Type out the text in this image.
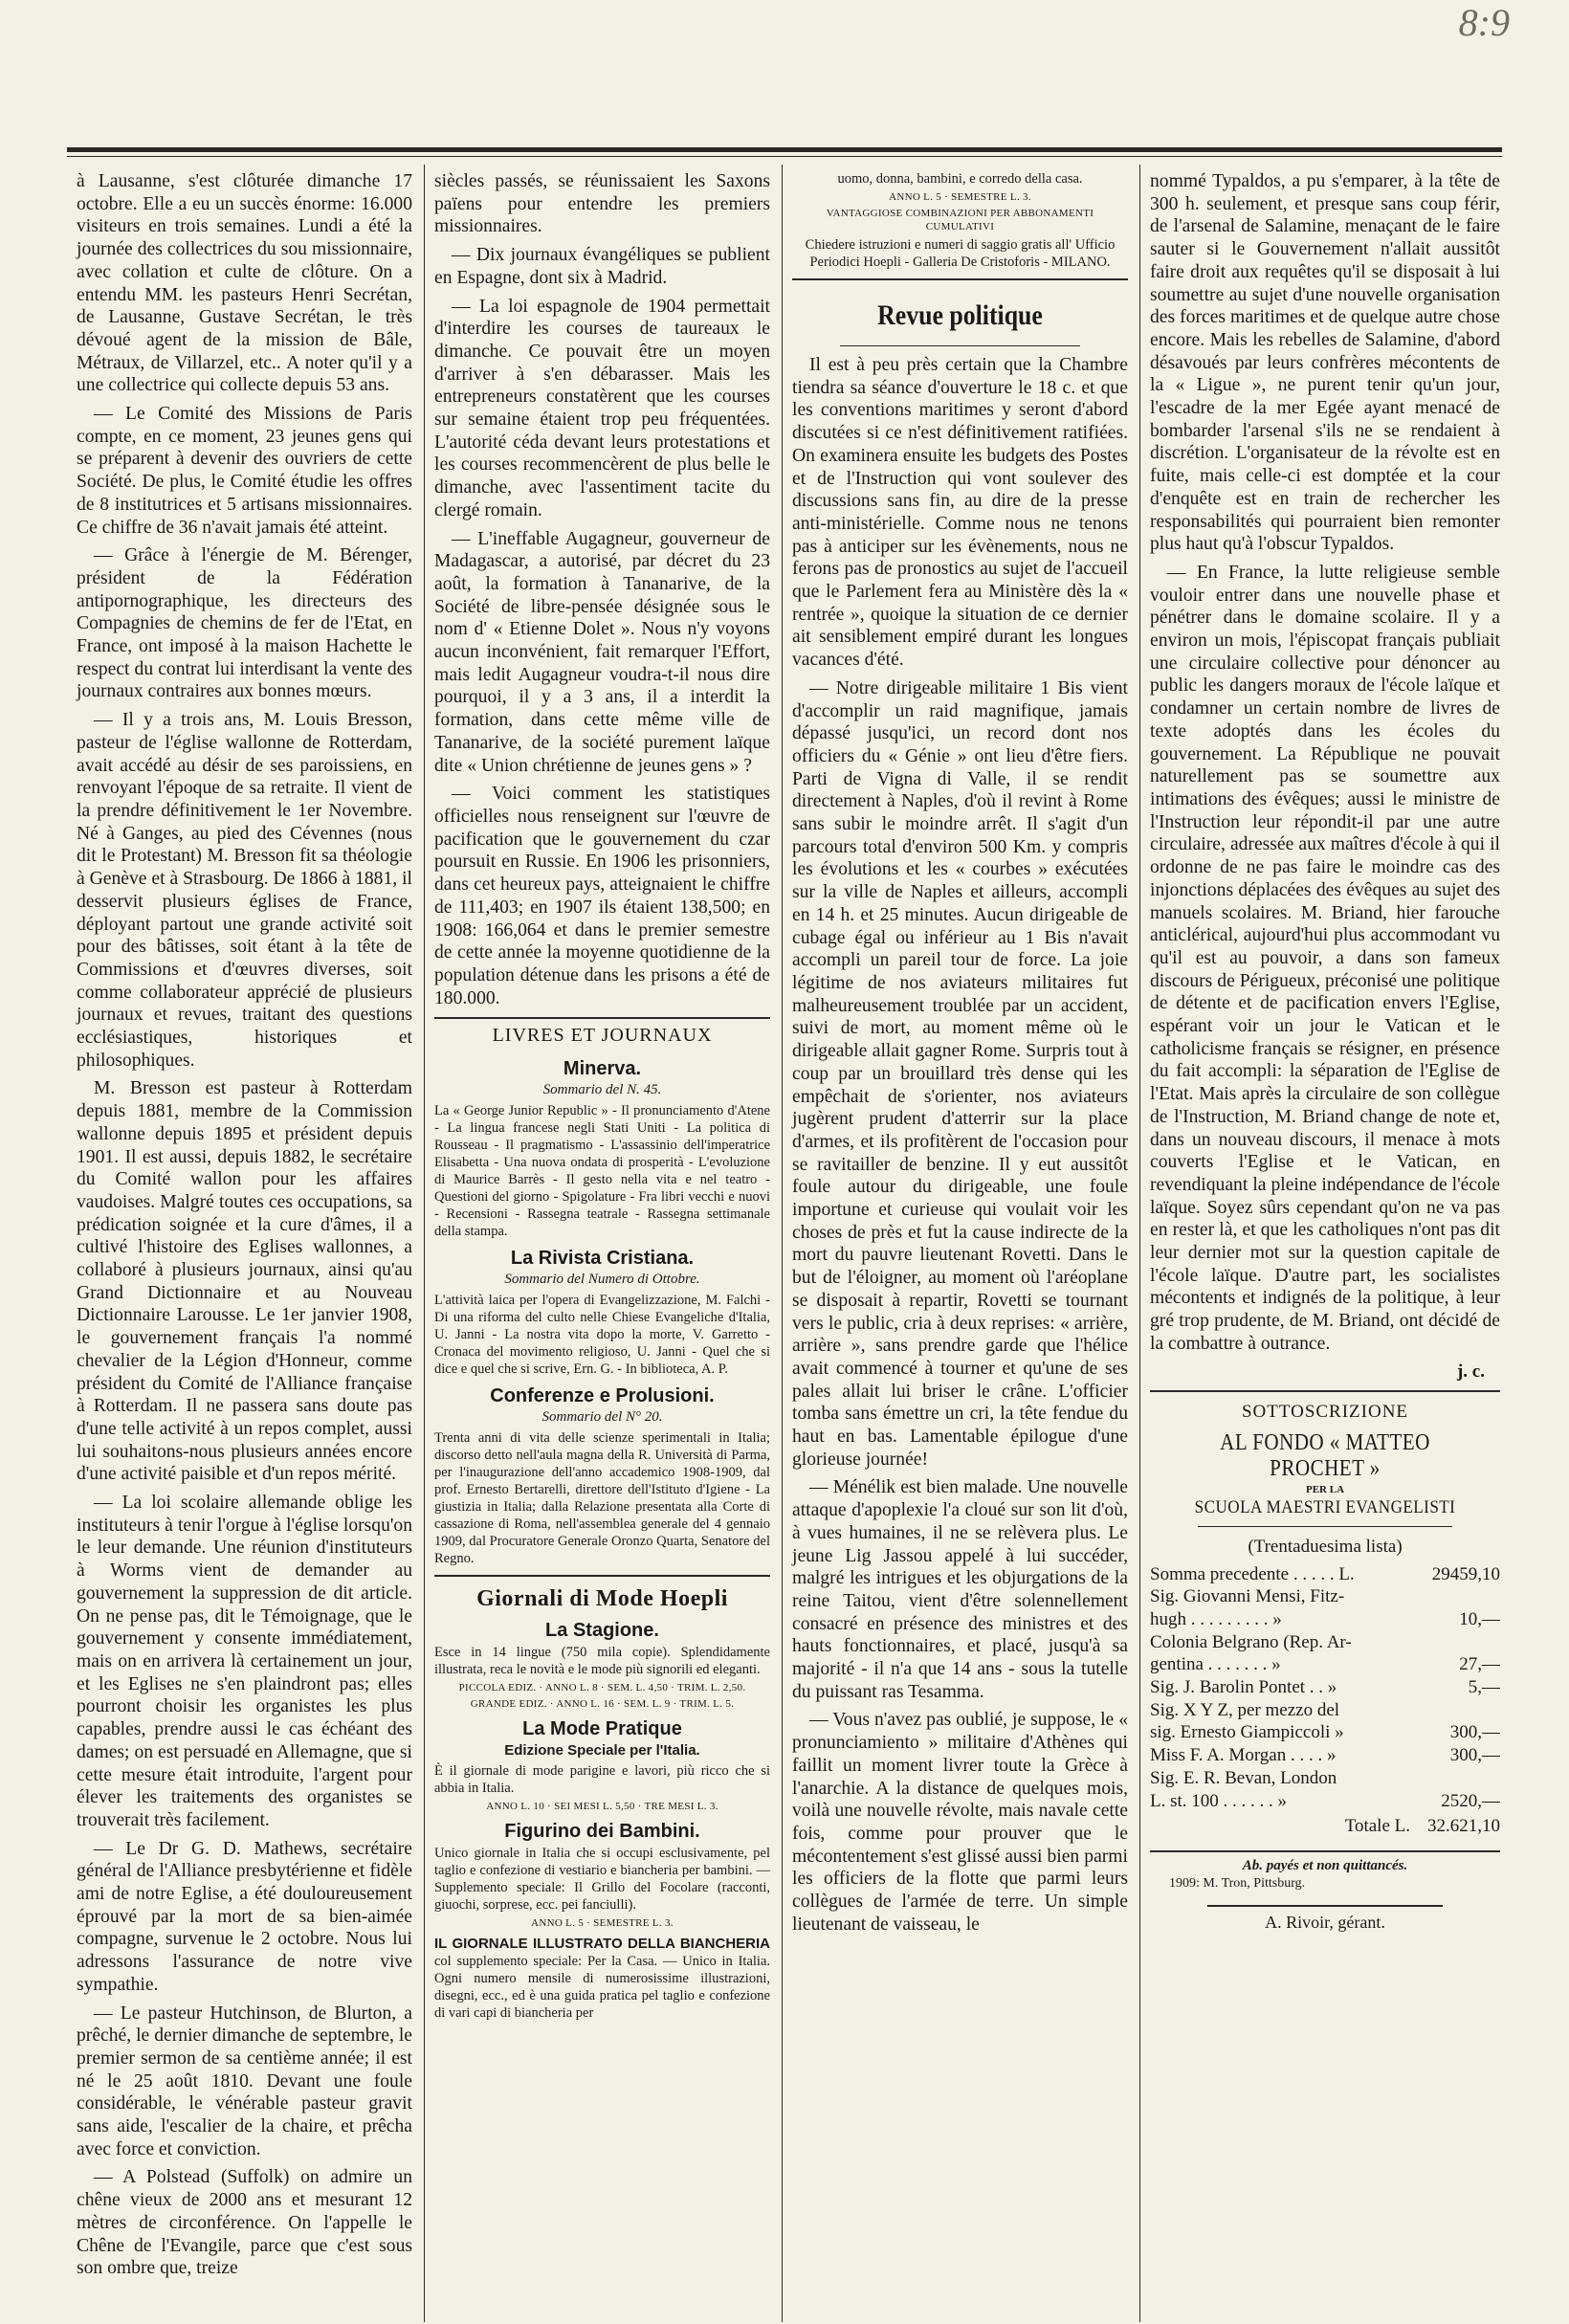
8:9

à Lausanne, s'est clôturée dimanche 17 octobre. Elle a eu un succès énorme: 16.000 visiteurs en trois semaines. Lundi a été la journée des collectrices du sou missionnaire, avec collation et culte de clôture. On a entendu MM. les pasteurs Henri Secrétan, de Lausanne, Gustave Secrétan, le très dévoué agent de la mission de Bâle, Métraux, de Villarzel, etc.. A noter qu'il y a une collectrice qui collecte depuis 53 ans.

— Le Comité des Missions de Paris compte, en ce moment, 23 jeunes gens qui se préparent à devenir des ouvriers de cette Société. De plus, le Comité étudie les offres de 8 institutrices et 5 artisans missionnaires. Ce chiffre de 36 n'avait jamais été atteint.

— Grâce à l'énergie de M. Bérenger, président de la Fédération antipornographique, les directeurs des Compagnies de chemins de fer de l'Etat, en France, ont imposé à la maison Hachette le respect du contrat lui interdisant la vente des journaux contraires aux bonnes mœurs.

— Il y a trois ans, M. Louis Bresson, pasteur de l'église wallonne de Rotterdam, avait accédé au désir de ses paroissiens, en renvoyant l'époque de sa retraite. Il vient de la prendre définitivement le 1er Novembre. Né à Ganges, au pied des Cévennes (nous dit le Protestant) M. Bresson fit sa théologie à Genève et à Strasbourg. De 1866 à 1881, il desservit plusieurs églises de France, déployant partout une grande activité soit pour des bâtisses, soit étant à la tête de Commissions et d'œuvres diverses, soit comme collaborateur apprécié de plusieurs journaux et revues, traitant des questions ecclésiastiques, historiques et philosophiques.

M. Bresson est pasteur à Rotterdam depuis 1881, membre de la Commission wallonne depuis 1895 et président depuis 1901. Il est aussi, depuis 1882, le secrétaire du Comité wallon pour les affaires vaudoises. Malgré toutes ces occupations, sa prédication soignée et la cure d'âmes, il a cultivé l'histoire des Eglises wallonnes, a collaboré à plusieurs journaux, ainsi qu'au Grand Dictionnaire et au Nouveau Dictionnaire Larousse. Le 1er janvier 1908, le gouvernement français l'a nommé chevalier de la Légion d'Honneur, comme président du Comité de l'Alliance française à Rotterdam. Il ne passera sans doute pas d'une telle activité à un repos complet, aussi lui souhaitons-nous plusieurs années encore d'une activité paisible et d'un repos mérité.

— La loi scolaire allemande oblige les instituteurs à tenir l'orgue à l'église lorsqu'on le leur demande. Une réunion d'instituteurs à Worms vient de demander au gouvernement la suppression de dit article. On ne pense pas, dit le Témoignage, que le gouvernement y consente immédiatement, mais on en arrivera là certainement un jour, et les Eglises ne s'en plaindront pas; elles pourront choisir les organistes les plus capables, prendre aussi le cas échéant des dames; on est persuadé en Allemagne, que si cette mesure était introduite, l'argent pour élever les traitements des organistes se trouverait très facilement.

— Le Dr G. D. Mathews, secrétaire général de l'Alliance presbytérienne et fidèle ami de notre Eglise, a été douloureusement éprouvé par la mort de sa bien-aimée compagne, survenue le 2 octobre. Nous lui adressons l'assurance de notre vive sympathie.

— Le pasteur Hutchinson, de Blurton, a prêché, le dernier dimanche de septembre, le premier sermon de sa centième année; il est né le 25 août 1810. Devant une foule considérable, le vénérable pasteur gravit sans aide, l'escalier de la chaire, et prêcha avec force et conviction.

— A Polstead (Suffolk) on admire un chêne vieux de 2000 ans et mesurant 12 mètres de circonférence. On l'appelle le Chêne de l'Evangile, parce que c'est sous son ombre que, treize

siècles passés, se réunissaient les Saxons païens pour entendre les premiers missionnaires.

— Dix journaux évangéliques se publient en Espagne, dont six à Madrid.

— La loi espagnole de 1904 permettait d'interdire les courses de taureaux le dimanche. Ce pouvait être un moyen d'arriver à s'en débarasser. Mais les entrepreneurs constatèrent que les courses sur semaine étaient trop peu fréquentées. L'autorité céda devant leurs protestations et les courses recommencèrent de plus belle le dimanche, avec l'assentiment tacite du clergé romain.

— L'ineffable Augagneur, gouverneur de Madagascar, a autorisé, par décret du 23 août, la formation à Tananarive, de la Société de libre-pensée désignée sous le nom d' « Etienne Dolet ». Nous n'y voyons aucun inconvénient, fait remarquer l'Effort, mais ledit Augagneur voudra-t-il nous dire pourquoi, il y a 3 ans, il a interdit la formation, dans cette même ville de Tananarive, de la société purement laïque dite « Union chrétienne de jeunes gens » ?

— Voici comment les statistiques officielles nous renseignent sur l'œuvre de pacification que le gouvernement du czar poursuit en Russie. En 1906 les prisonniers, dans cet heureux pays, atteignaient le chiffre de 111,403; en 1907 ils étaient 138,500; en 1908: 166,064 et dans le premier semestre de cette année la moyenne quotidienne de la population détenue dans les prisons a été de 180.000.

LIVRES ET JOURNAUX
Minerva.
Sommario del N. 45.

La « George Junior Republic » - Il pronunciamento d'Atene - La lingua francese negli Stati Uniti - La politica di Rousseau - Il pragmatismo - L'assassinio dell'imperatrice Elisabetta - Una nuova ondata di prosperità - L'evoluzione di Maurice Barrès - Il gesto nella vita e nel teatro - Questioni del giorno - Spigolature - Fra libri vecchi e nuovi - Recensioni - Rassegna teatrale - Rassegna settimanale della stampa.

La Rivista Cristiana.
Sommario del Numero di Ottobre.

L'attività laica per l'opera di Evangelizzazione, M. Falchi - Di una riforma del culto nelle Chiese Evangeliche d'Italia, U. Janni - La nostra vita dopo la morte, V. Garretto - Cronaca del movimento religioso, U. Janni - Quel che si dice e quel che si scrive, Ern. G. - In biblioteca, A. P.

Conferenze e Prolusioni.
Sommario del N° 20.

Trenta anni di vita delle scienze sperimentali in Italia; discorso detto nell'aula magna della R. Università di Parma, per l'inaugurazione dell'anno accademico 1908-1909, dal prof. Ernesto Bertarelli, direttore dell'Istituto d'Igiene - La giustizia in Italia; dalla Relazione presentata alla Corte di cassazione di Roma, nell'assemblea generale del 4 gennaio 1909, dal Procuratore Generale Oronzo Quarta, Senatore del Regno.

Giornali di Mode Hoepli
La Stagione.

Esce in 14 lingue (750 mila copie). Splendidamente illustrata, reca le novità e le mode più signorili ed eleganti.

PICCOLA EDIZ. · ANNO L. 8 · SEM. L. 4,50 · TRIM. L. 2,50.
GRANDE EDIZ. · ANNO L. 16 · SEM. L. 9 · TRIM. L. 5.
La Mode Pratique
Edizione Speciale per l'Italia.

È il giornale di mode parigine e lavori, più ricco che si abbia in Italia.

ANNO L. 10 · SEI MESI L. 5,50 · TRE MESI L. 3.
Figurino dei Bambini.

Unico giornale in Italia che si occupi esclusivamente, pel taglio e confezione di vestiario e biancheria per bambini. — Supplemento speciale: Il Grillo del Focolare (racconti, giuochi, sorprese, ecc. pei fanciulli).

ANNO L. 5 · SEMESTRE L. 3.

IL GIORNALE ILLUSTRATO DELLA BIANCHERIA col supplemento speciale: Per la Casa. — Unico in Italia. Ogni numero mensile di numerosissime illustrazioni, disegni, ecc., ed è una guida pratica pel taglio e confezione di vari capi di biancheria per

uomo, donna, bambini, e corredo della casa.

ANNO L. 5 · SEMESTRE L. 3.
VANTAGGIOSE COMBINAZIONI PER ABBONAMENTI CUMULATIVI

Chiedere istruzioni e numeri di saggio gratis all' Ufficio Periodici Hoepli - Galleria De Cristoforis - MILANO.

Revue politique

Il est à peu près certain que la Chambre tiendra sa séance d'ouverture le 18 c. et que les conventions maritimes y seront d'abord discutées si ce n'est définitivement ratifiées. On examinera ensuite les budgets des Postes et de l'Instruction qui vont soulever des discussions sans fin, au dire de la presse anti-ministérielle. Comme nous ne tenons pas à anticiper sur les évènements, nous ne ferons pas de pronostics au sujet de l'accueil que le Parlement fera au Ministère dès la « rentrée », quoique la situation de ce dernier ait sensiblement empiré durant les longues vacances d'été.

— Notre dirigeable militaire 1 Bis vient d'accomplir un raid magnifique, jamais dépassé jusqu'ici, un record dont nos officiers du « Génie » ont lieu d'être fiers. Parti de Vigna di Valle, il se rendit directement à Naples, d'où il revint à Rome sans subir le moindre arrêt. Il s'agit d'un parcours total d'environ 500 Km. y compris les évolutions et les « courbes » exécutées sur la ville de Naples et ailleurs, accompli en 14 h. et 25 minutes. Aucun dirigeable de cubage égal ou inférieur au 1 Bis n'avait accompli un pareil tour de force. La joie légitime de nos aviateurs militaires fut malheureusement troublée par un accident, suivi de mort, au moment même où le dirigeable allait gagner Rome. Surpris tout à coup par un brouillard très dense qui les empêchait de s'orienter, nos aviateurs jugèrent prudent d'atterrir sur la place d'armes, et ils profitèrent de l'occasion pour se ravitailler de benzine. Il y eut aussitôt foule autour du dirigeable, une foule importune et curieuse qui voulait voir les choses de près et fut la cause indirecte de la mort du pauvre lieutenant Rovetti. Dans le but de l'éloigner, au moment où l'aréoplane se disposait à repartir, Rovetti se tournant vers le public, cria à deux reprises: « arrière, arrière », sans prendre garde que l'hélice avait commencé à tourner et qu'une de ses pales allait lui briser le crâne. L'officier tomba sans émettre un cri, la tête fendue du haut en bas. Lamentable épilogue d'une glorieuse journée!

— Ménélik est bien malade. Une nouvelle attaque d'apoplexie l'a cloué sur son lit d'où, à vues humaines, il ne se relèvera plus. Le jeune Lig Jassou appelé à lui succéder, malgré les intrigues et les objurgations de la reine Taitou, vient d'être solennellement consacré en présence des ministres et des hauts fonctionnaires, et placé, jusqu'à sa majorité - il n'a que 14 ans - sous la tutelle du puissant ras Tesamma.

— Vous n'avez pas oublié, je suppose, le « pronunciamiento » militaire d'Athènes qui faillit un moment livrer toute la Grèce à l'anarchie. A la distance de quelques mois, voilà une nouvelle révolte, mais navale cette fois, comme pour prouver que le mécontentement s'est glissé aussi bien parmi les officiers de la flotte que parmi leurs collègues de l'armée de terre. Un simple lieutenant de vaisseau, le

nommé Typaldos, a pu s'emparer, à la tête de 300 h. seulement, et presque sans coup férir, de l'arsenal de Salamine, menaçant de le faire sauter si le Gouvernement n'allait aussitôt faire droit aux requêtes qu'il se disposait à lui soumettre au sujet d'une nouvelle organisation des forces maritimes et de quelque autre chose encore. Mais les rebelles de Salamine, d'abord désavoués par leurs confrères mécontents de la « Ligue », ne purent tenir qu'un jour, l'escadre de la mer Egée ayant menacé de bombarder l'arsenal s'ils ne se rendaient à discrétion. L'organisateur de la révolte est en fuite, mais celle-ci est domptée et la cour d'enquête est en train de rechercher les responsabilités qui pourraient bien remonter plus haut qu'à l'obscur Typaldos.

— En France, la lutte religieuse semble vouloir entrer dans une nouvelle phase et pénétrer dans le domaine scolaire. Il y a environ un mois, l'épiscopat français publiait une circulaire collective pour dénoncer au public les dangers moraux de l'école laïque et condamner un certain nombre de livres de texte adoptés dans les écoles du gouvernement. La République ne pouvait naturellement pas se soumettre aux intimations des évêques; aussi le ministre de l'Instruction leur répondit-il par une autre circulaire, adressée aux maîtres d'école à qui il ordonne de ne pas faire le moindre cas des injonctions déplacées des évêques au sujet des manuels scolaires. M. Briand, hier farouche anticlérical, aujourd'hui plus accommodant vu qu'il est au pouvoir, a dans son fameux discours de Périgueux, préconisé une politique de détente et de pacification envers l'Eglise, espérant voir un jour le Vatican et le catholicisme français se résigner, en présence du fait accompli: la séparation de l'Eglise de l'Etat. Mais après la circulaire de son collègue de l'Instruction, M. Briand change de note et, dans un nouveau discours, il menace à mots couverts l'Eglise et le Vatican, en revendiquant la pleine indépendance de l'école laïque. Soyez sûrs cependant qu'on ne va pas en rester là, et que les catholiques n'ont pas dit leur dernier mot sur la question capitale de l'école laïque. D'autre part, les socialistes mécontents et indignés de la politique, à leur gré trop prudente, de M. Briand, ont décidé de la combattre à outrance.

j. c.
SOTTOSCRIZIONE
AL FONDO « MATTEO PROCHET »
PER LA
SCUOLA MAESTRI EVANGELISTI
(Trentaduesima lista)
Somma precedente . . . . . L.	29459,10
Sig. Giovanni Mensi, Fitz-
hugh . . . . . . . . . »	10,—
Colonia Belgrano (Rep. Ar-
gentina . . . . . . . »	27,—
Sig. J. Barolin Pontet . . »	5,—
Sig. X Y Z, per mezzo del
sig. Ernesto Giampiccoli »	300,—
Miss F. A. Morgan . . . . »	300,—
Sig. E. R. Bevan, London
L. st. 100 . . . . . . »	2520,—
Totale L. 32.621,10
Ab. payés et non quittancés.
1909: M. Tron, Pittsburg.
A. Rivoir, gérant.
